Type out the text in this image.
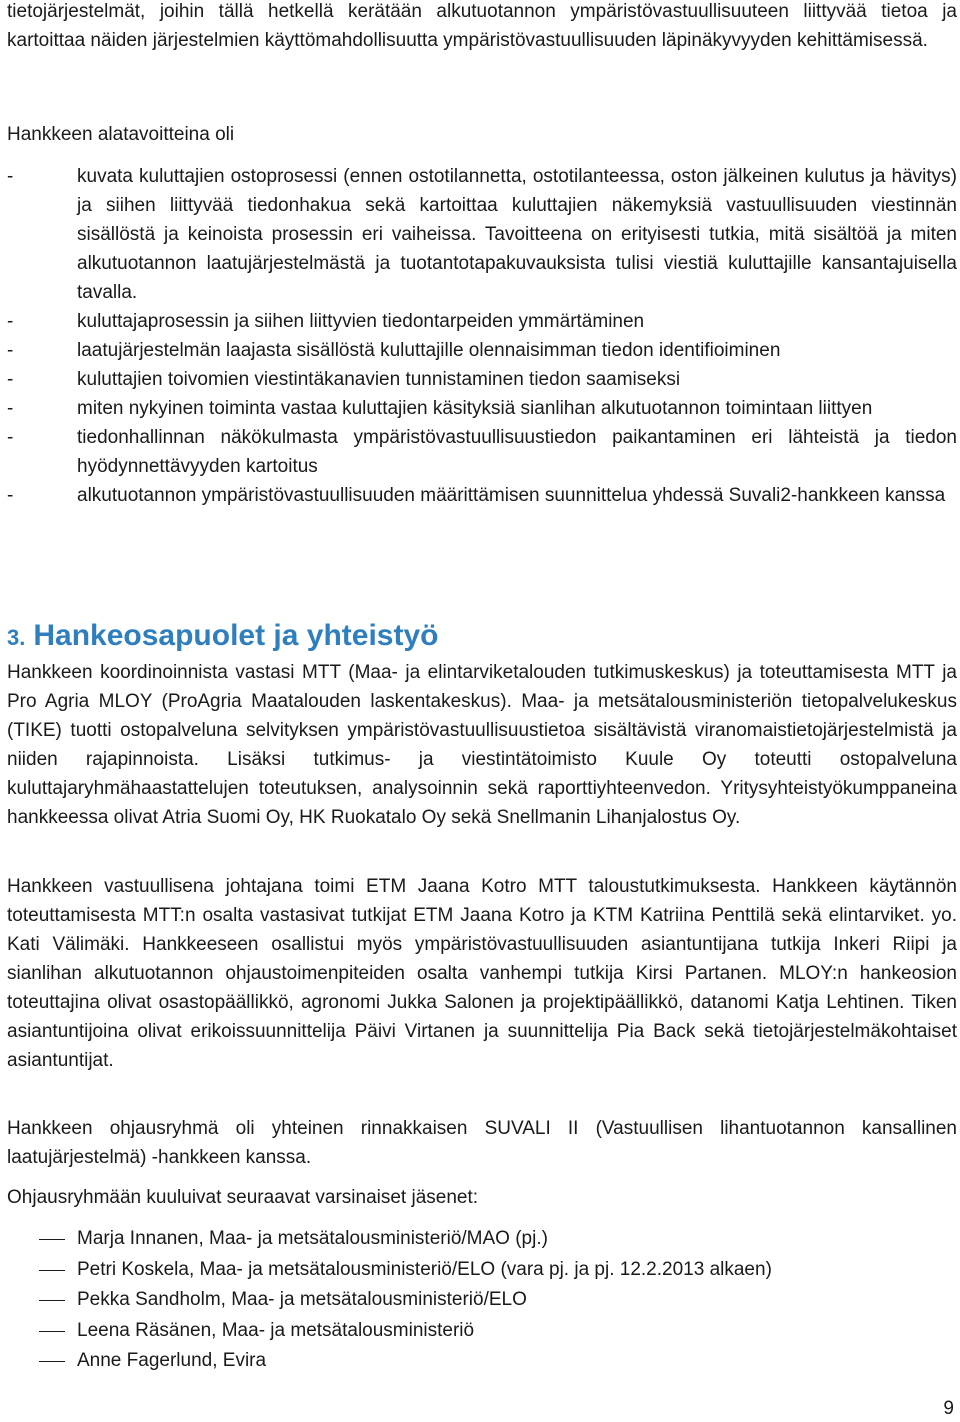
tietojärjestelmät, joihin tällä hetkellä kerätään alkutuotannon ympäristövastuullisuuteen liittyvää tietoa ja kartoittaa näiden järjestelmien käyttömahdollisuutta ympäristövastuullisuuden läpinäkyvyyden kehittämisessä.

Hankkeen alatavoitteina oli
-	kuvata kuluttajien ostoprosessi (ennen ostotilannetta, ostotilanteessa, oston jälkeinen kulutus ja hävitys) ja siihen liittyvää tiedonhakua sekä kartoittaa kuluttajien näkemyksiä vastuullisuuden viestinnän sisällöstä ja keinoista prosessin eri vaiheissa. Tavoitteena on erityisesti tutkia, mitä sisältöä ja miten alkutuotannon laatujärjestelmästä ja tuotantotapakuvauksista tulisi viestiä kuluttajille kansantajuisella tavalla.
-	kuluttajaprosessin ja siihen liittyvien tiedontarpeiden ymmärtäminen
-	laatujärjestelmän laajasta sisällöstä kuluttajille olennaisimman tiedon identifioiminen
-	kuluttajien toivomien viestintäkanavien tunnistaminen tiedon saamiseksi
-	miten nykyinen toiminta vastaa kuluttajien käsityksiä sianlihan alkutuotannon toimintaan liittyen
-	tiedonhallinnan näkökulmasta ympäristövastuullisuustiedon paikantaminen eri lähteistä ja tiedon hyödynnettävyyden kartoitus
-	alkutuotannon ympäristövastuullisuuden määrittämisen suunnittelua yhdessä Suvali2-hankkeen kanssa
3. Hankeosapuolet ja yhteistyö

Hankkeen koordinoinnista vastasi MTT (Maa- ja elintarviketalouden tutkimuskeskus) ja toteuttamisesta MTT ja Pro Agria MLOY (ProAgria Maatalouden laskentakeskus). Maa- ja metsätalousministeriön tietopalvelukeskus (TIKE) tuotti ostopalveluna selvityksen ympäristövastuullisuustietoa sisältävistä viranomaistietojärjestelmistä ja niiden rajapinnoista. Lisäksi tutkimus- ja viestintätoimisto Kuule Oy toteutti ostopalveluna kuluttajaryhmähaastattelujen toteutuksen, analysoinnin sekä raporttiyhteenvedon. Yritysyhteistyökumppaneina hankkeessa olivat Atria Suomi Oy, HK Ruokatalo Oy sekä Snellmanin Lihanjalostus Oy.

Hankkeen vastuullisena johtajana toimi ETM Jaana Kotro MTT taloustutkimuksesta. Hankkeen käytännön toteuttamisesta MTT:n osalta vastasivat tutkijat ETM Jaana Kotro ja KTM Katriina Penttilä sekä elintarviket. yo. Kati Välimäki. Hankkeeseen osallistui myös ympäristövastuullisuuden asiantuntijana tutkija Inkeri Riipi ja sianlihan alkutuotannon ohjaustoimenpiteiden osalta vanhempi tutkija Kirsi Partanen. MLOY:n hankeosion toteuttajina olivat osastopäällikkö, agronomi Jukka Salonen ja projektipäällikkö, datanomi Katja Lehtinen. Tiken asiantuntijoina olivat erikoissuunnittelija Päivi Virtanen ja suunnittelija Pia Back sekä tietojärjestelmäkohtaiset asiantuntijat.

Hankkeen ohjausryhmä oli yhteinen rinnakkaisen SUVALI II (Vastuullisen lihantuotannon kansallinen laatujärjestelmä) -hankkeen kanssa.

Ohjausryhmään kuuluivat seuraavat varsinaiset jäsenet:

Marja Innanen, Maa- ja metsätalousministeriö/MAO (pj.)
Petri Koskela, Maa- ja metsätalousministeriö/ELO (vara pj. ja pj. 12.2.2013 alkaen)
Pekka Sandholm, Maa- ja metsätalousministeriö/ELO
Leena Räsänen, Maa- ja metsätalousministeriö
Anne Fagerlund, Evira
9
